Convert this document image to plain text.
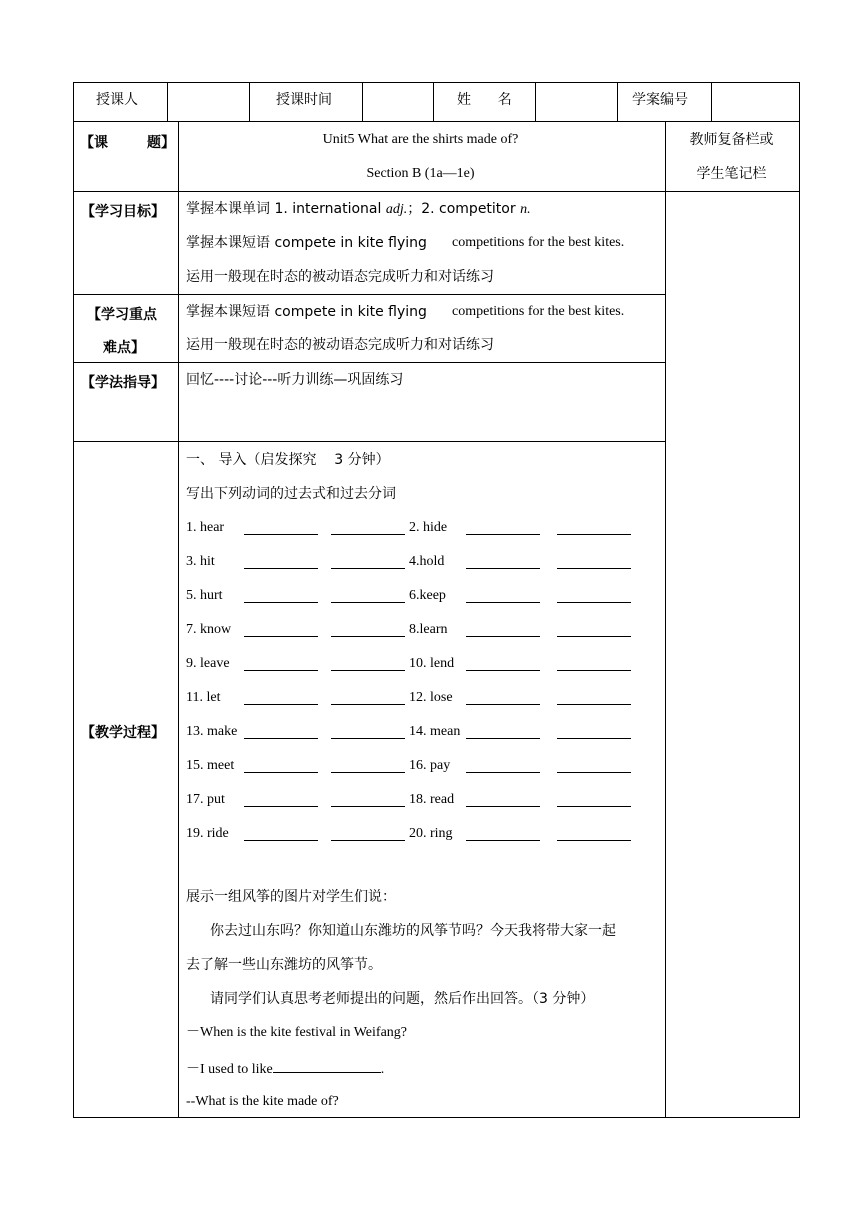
授课人	授课时间	姓      名	学案编号
【课        题】	Unit5 What are the shirts made of?
Section B (1a—1e)
教师复备栏或
学生笔记栏
【学习目标】 掌握本课单词 1. international adj.；2. competitor n.
掌握本课短语 compete in kite flying competitions for the best kites.
运用一般现在时态的被动语态完成听力和对话练习
【学习重点
难点】
掌握本课短语 compete in kite flying competitions for the best kites.
运用一般现在时态的被动语态完成听力和对话练习
【学法指导】 回忆----讨论---听力训练—巩固练习
【教学过程】
一、 导入（启发探究    3 分钟）
写出下列动词的过去式和过去分词
1. hear	2. hide
3. hit	4.hold
5. hurt	6.keep
7. know	8.learn
9. leave	10. lend
11. let	12. lose
13. make	14. mean
15. meet	16. pay
17. put	18. read
19. ride	20. ring
展示一组风筝的图片对学生们说：
你去过山东吗？你知道山东潍坊的风筝节吗？今天我将带大家一起
去了解一些山东潍坊的风筝节。
请同学们认真思考老师提出的问题，然后作出回答。（3 分钟）
－When is the kite festival in Weifang?
－I used to like	.
--What is the kite made of?
